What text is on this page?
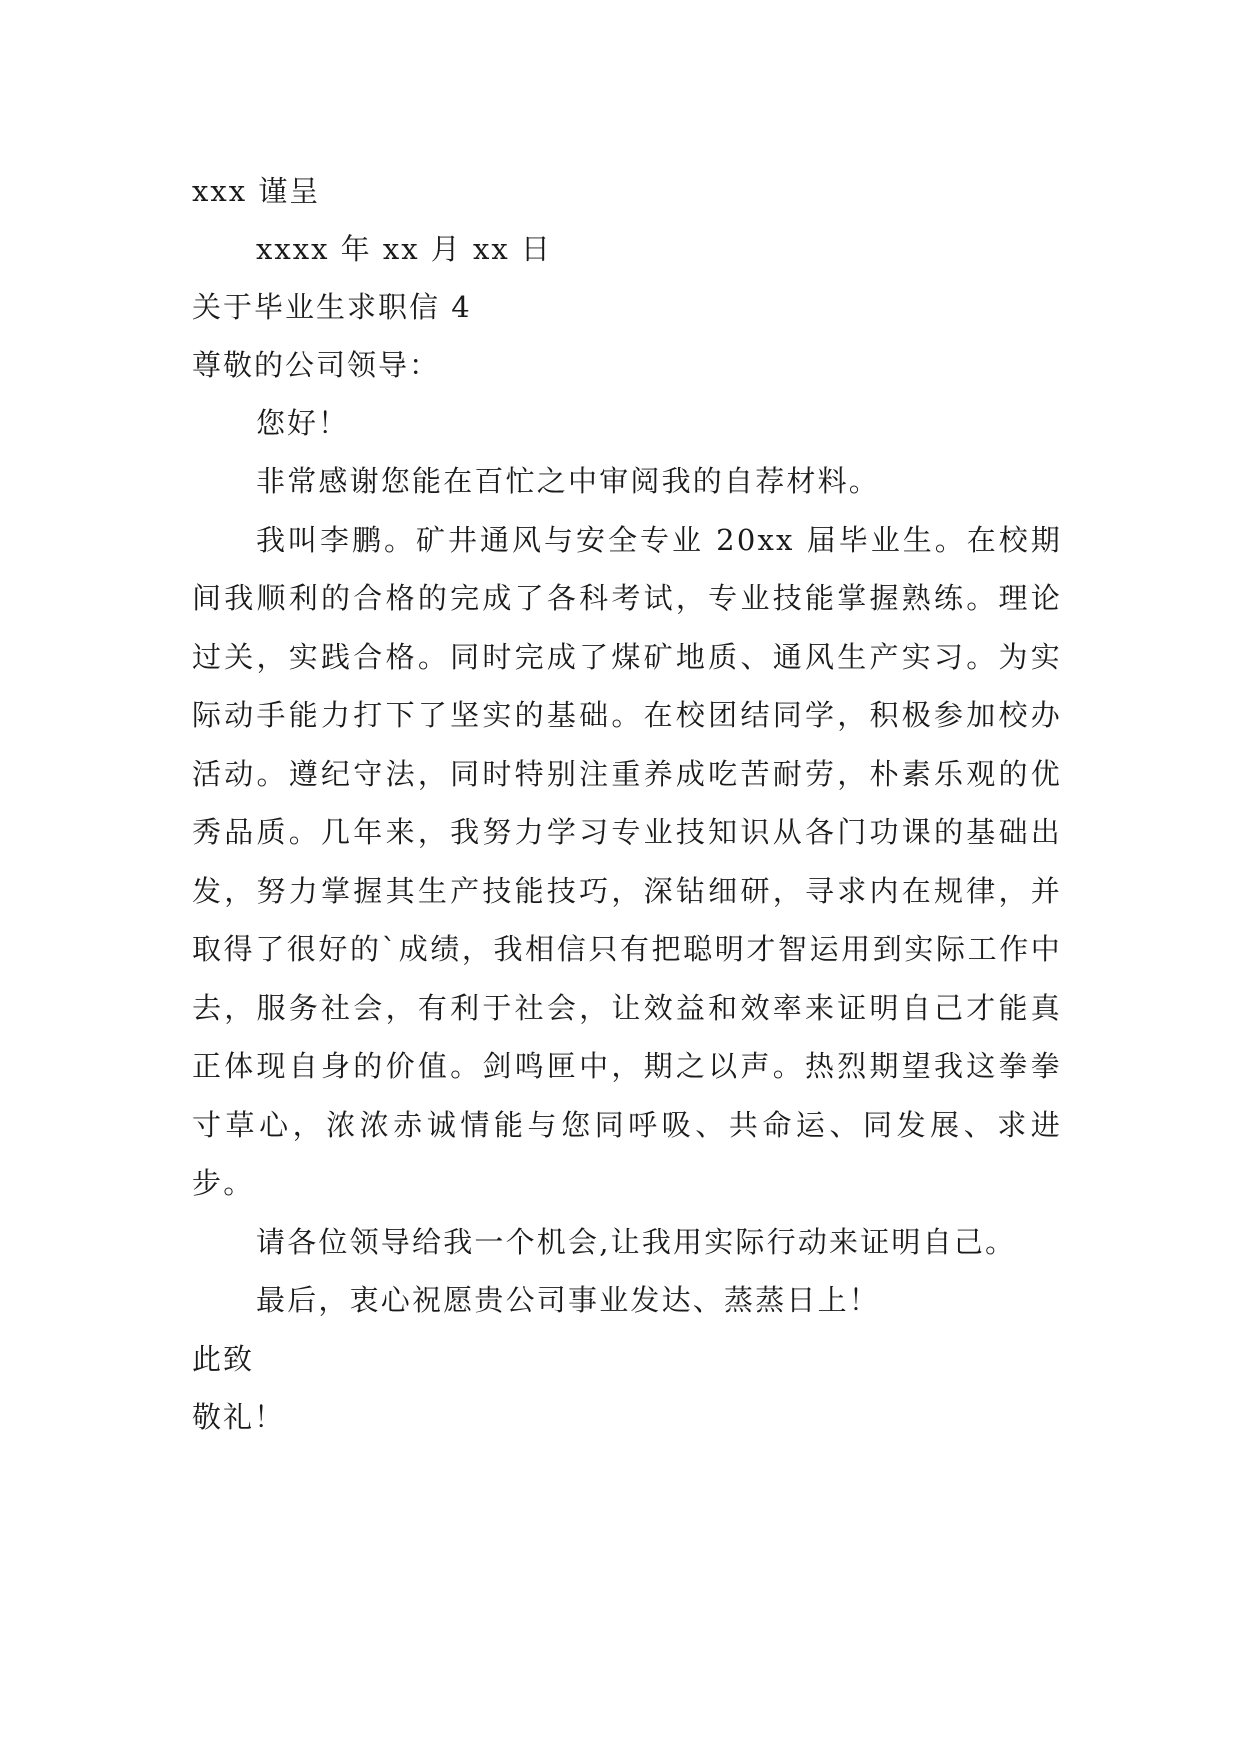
xxx 谨呈
xxxx 年 xx 月 xx 日
关于毕业生求职信 4
尊敬的公司领导：
您好！

非常感谢您能在百忙之中审阅我的自荐材料。

我叫李鹏。矿井通风与安全专业 20xx 届毕业生。在校期间我顺利的合格的完成了各科考试，专业技能掌握熟练。理论过关，实践合格。同时完成了煤矿地质、通风生产实习。为实际动手能力打下了坚实的基础。在校团结同学，积极参加校办活动。遵纪守法，同时特别注重养成吃苦耐劳，朴素乐观的优秀品质。几年来，我努力学习专业技知识从各门功课的基础出发，努力掌握其生产技能技巧，深钻细研，寻求内在规律，并取得了很好的`成绩，我相信只有把聪明才智运用到实际工作中去，服务社会，有利于社会，让效益和效率来证明自己才能真正体现自身的价值。剑鸣匣中，期之以声。热烈期望我这拳拳寸草心，浓浓赤诚情能与您同呼吸、共命运、同发展、求进步。

请各位领导给我一个机会,让我用实际行动来证明自己。

最后，衷心祝愿贵公司事业发达、蒸蒸日上！

此致
敬礼！
